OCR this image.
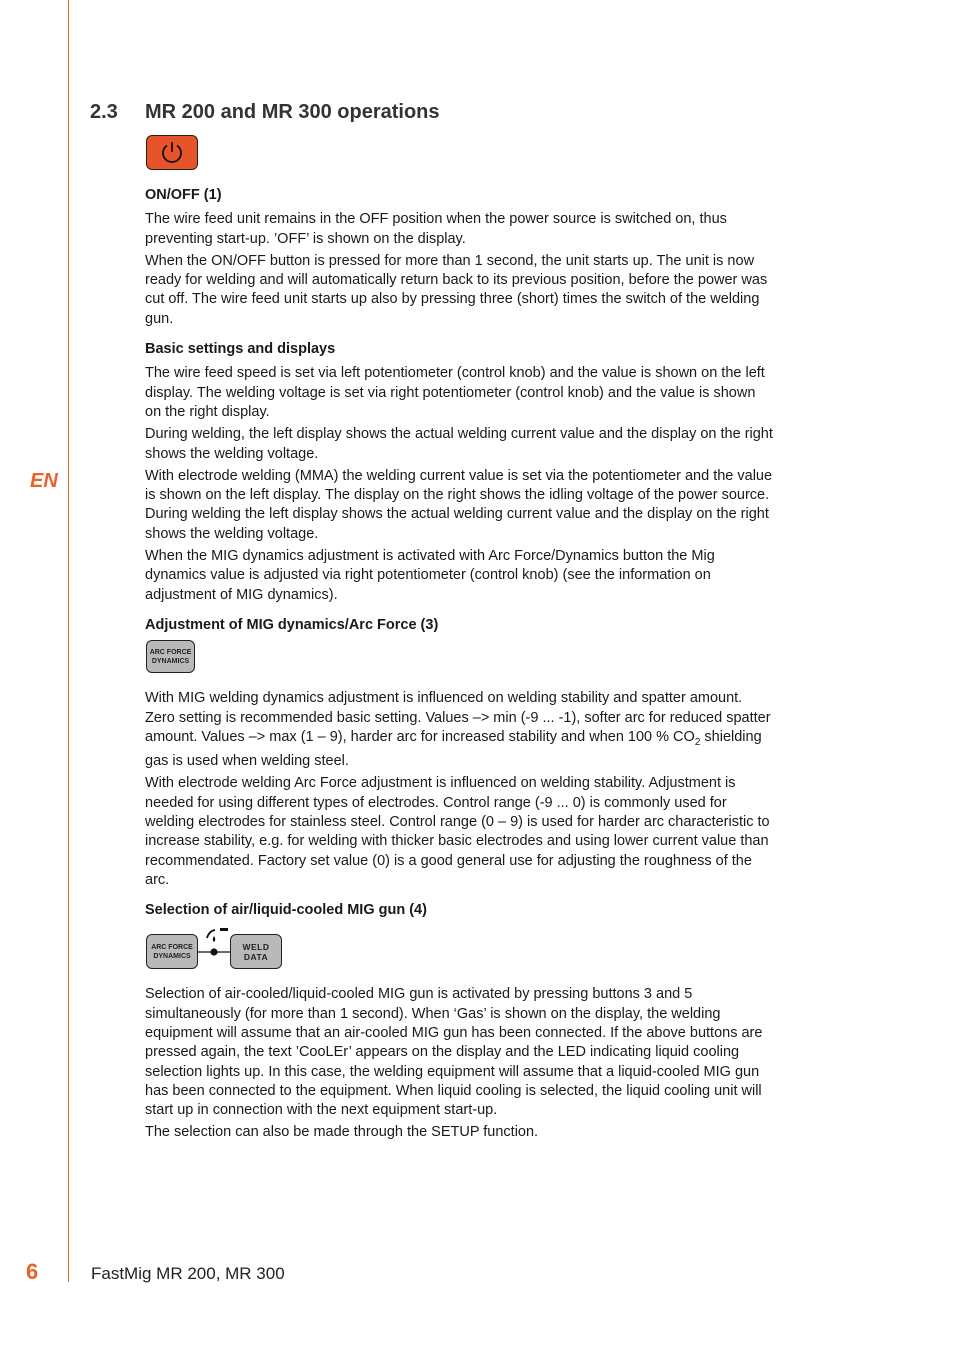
EN
6	FastMig MR 200, MR 300
2.3 MR 200 and MR 300 operations
ON/OFF (1)

The wire feed unit remains in the OFF position when the power source is switched on, thus preventing start-up. ’OFF’ is shown on the display.

When the ON/OFF button is pressed for more than 1 second, the unit starts up. The unit is now ready for welding and will automatically return back to its previous position, before the power was cut off. The wire feed unit starts up also by pressing three (short) times the switch of the welding gun.

Basic settings and displays

The wire feed speed is set via left potentiometer (control knob) and the value is shown on the left display. The welding voltage is set via right potentiometer (control knob) and the value is shown on the right display.

During welding, the left display shows the actual welding current value and the display on the right shows the welding voltage.

With electrode welding (MMA) the welding current value is set via the potentiometer and the value is shown on the left display. The display on the right shows the idling voltage of the power source. During welding the left display shows the actual welding current value and the display on the right shows the welding voltage.

When the MIG dynamics adjustment is activated with Arc Force/Dynamics button the Mig dynamics value is adjusted via right potentiometer (control knob) (see the information on adjustment of MIG dynamics).

Adjustment of MIG dynamics/Arc Force (3)
ARC FORCE
DYNAMICS

With MIG welding dynamics adjustment is influenced on welding stability and spatter amount. Zero setting is recommended basic setting. Values –> min (-9 ... -1), softer arc for reduced spatter amount. Values –> max (1 – 9), harder arc for increased stability and when 100 % $CO_2$ shielding gas is used when welding steel.

With electrode welding Arc Force adjustment is influenced on welding stability. Adjustment is needed for using different types of electrodes. Control range (-9 ... 0) is commonly used for welding electrodes for stainless steel. Control range (0 – 9) is used for harder arc characteristic to increase stability, e.g. for welding with thicker basic electrodes and using lower current value than recommendated. Factory set value (0) is a good general use for adjusting the roughness of the arc.

Selection of air/liquid-cooled MIG gun (4)
ARC FORCE
DYNAMICS
WELD
DATA

Selection of air-cooled/liquid-cooled MIG gun is activated by pressing buttons 3 and 5 simultaneously (for more than 1 second). When ‘Gas’ is shown on the display, the welding equipment will assume that an air-cooled MIG gun has been connected. If the above buttons are pressed again, the text ’CooLEr’ appears on the display and the LED indicating liquid cooling selection lights up. In this case, the welding equipment will assume that a liquid-cooled MIG gun has been connected to the equipment. When liquid cooling is selected, the liquid cooling unit will start up in connection with the next equipment start-up.

The selection can also be made through the SETUP function.
